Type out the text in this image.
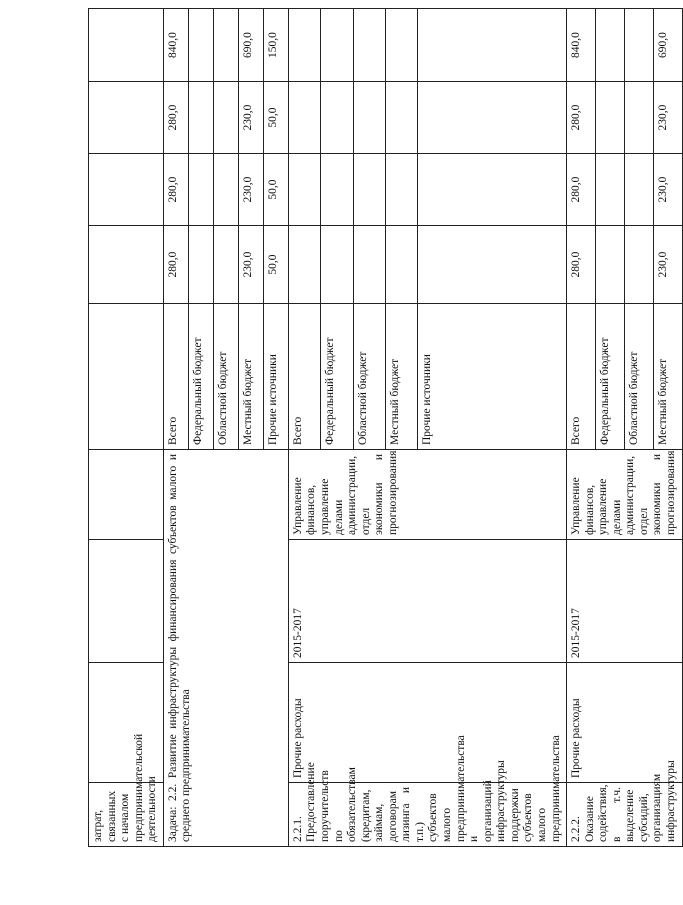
затрат, связанных с началом предпринимательской деятельности								
Задача: 2.2. Развитие инфраструктуры финансирования субъектов малого и среднего предпринимательства				Всего	280,0	280,0	280,0	840,0
				Федеральный бюджет				
				Областной бюджет				
				Местный бюджет	230,0	230,0	230,0	690,0
				Прочие источники	50,0	50,0	50,0	150,0
2.2.1. Предоставление поручительств по обязательствам (кредитам, займам, договорам лизинга и т.п.) субъектов малого предпринимательства и организаций инфраструктуры поддержки субъектов малого предпринимательства	Прочие расходы	2015-2017	Управление финансов, управление делами администрации, отдел экономики и прогнозирования	Всего				
				Федеральный бюджет				
				Областной бюджет				
				Местный бюджет				
				Прочие источники				
2.2.2. Оказание содействия, в т.ч. выделение субсидий, организациям инфраструктуры	Прочие расходы	2015-2017	Управление финансов, управление делами администрации, отдел экономики и прогнозирования	Всего	280,0	280,0	280,0	840,0
				Федеральный бюджет				
				Областной бюджет				
				Местный бюджет	230,0	230,0	230,0	690,0
